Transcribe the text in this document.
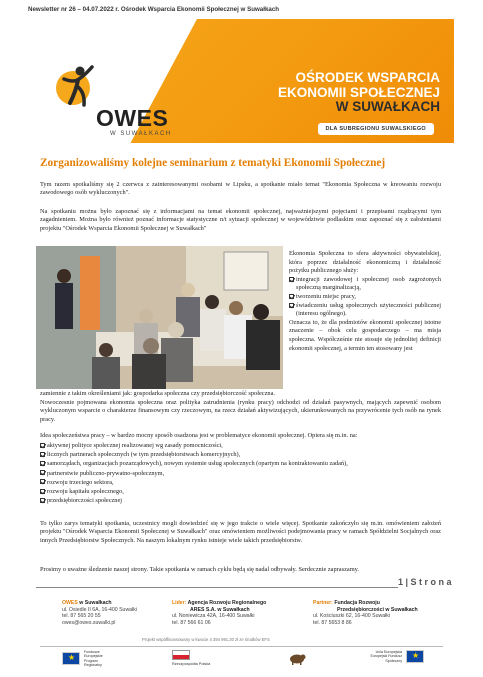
Newsletter nr 26 – 04.07.2022 r. Ośrodek Wsparcia Ekonomii Społecznej w Suwałkach
OWES
W SUWAŁKACH
OŚRODEK WSPARCIA
EKONOMII SPOŁECZNEJ
W SUWAŁKACH
DLA SUBREGIONU SUWALSKIEGO
Zorganizowaliśmy kolejne seminarium z tematyki Ekonomii Społecznej
Tym razem spotkaliśmy się 2 czerwca z zainteresowanymi osobami w Lipsku, a spotkanie miało temat "Ekonomia Społeczna w kreowaniu rozwoju zawodowego osób wykluczonych".
Na spotkaniu można było zapoznać się z informacjami na temat ekonomii społecznej, najważniejszymi pojęciami i przepisami rządzącymi tym zagadnieniem. Można było również poznać informacje statystyczne n/t sytuacji społecznej w województwie podlaskim oraz zapoznać się z założeniami projektu "Ośrodek Wsparcia Ekonomii Społecznej w Suwałkach"
Ekonomia Społeczna to sfera aktywności obywatelskiej, która poprzez działalność ekonomiczną i działalność pożytku publicznego służy:
integracji zawodowej i społecznej osob zagrożonych społeczną marginalizacją,
tworzeniu miejsc pracy,
świadczeniu usług społecznych użyteczności publicznej (interesu ogólnego).
Oznacza to, że dla podmiotów ekonomii społecznej istotne znaczenie – obok celu gospodarczego – ma misja społeczna. Współcześnie nie stosuje się jednolitej definicji ekonomii społecznej, a termin ten stosowany jest
zamiennie z takim określeniami jak: gospodarka społeczna czy przedsiębiorczość społeczna.
Nowoczesnie pojmowana ekonomia społeczna oraz polityka zatrudnienia (rynku pracy) odchodzi od działań pasywnych, mających zapewnić osobom wykluczonym wsparcie o charakterze finansowym czy rzeczowym, na rzecz działań aktywizujących, ukierunkowanych na przywrócenie tych osób na rynek pracy.
Idea społeczeństwa pracy – w bardzo mocny sposób osadzona jest w problematyce ekonomii społecznej. Opiera się m.in. na:
aktywnej polityce społecznej realizowanej wg zasady pomocniczości,
licznych partnerach społecznych (w tym przedsiębiorstwach komercyjnych),
samorządach, organizacjach pozarządowych), nowym systemie usług społecznych (opartym na kontraktowaniu zadań),
partnerstwie publiczno-prywatno-społecznym,
rozwoju trzeciego sektora,
rozwoju kapitału społecznego,
przedsiębiorczości społecznej
To tylko zarys tematyki spotkania, uczestnicy mogli dowiedzieć się w jego trakcie o wiele więcej. Spotkanie zakończyło się m.in. omówieniem założeń projektu "Ośrodek Wsparcia Ekonomii Społecznej w Suwałkach" oraz omówieniem możliwości podejmowania pracy w ramach Spółdzielni Socjalnych oraz innych Przedsiębiorstw Społecznych. Na naszym lokalnym rynku istnieje wiele takich przedsiębiorstw.
Prosimy o uważne śledzenie naszej strony. Takie spotkania w ramach cyklu będą się nadal odbywały. Serdecznie zapraszamy.
1 | S t r o n a
OWES w Suwałkach
ul. Osiedle II 6A, 16-400 Suwałki
tel. 87 565 20 55
owes@owes.suwalki.pl
Lider: Agencja Rozwoju Regionalnego
ARES S.A. w Suwałkach
ul. Noniewicza 42A, 16-400 Suwałki
tel. 87 566 61 06
Partner: Fundacja Rozwoju
Przedsiębiorczości w Suwałkach
ul. Kościuszki 62, 16-400 Suwałki
tel. 87 5653 8 86
Projekt współfinansowany w kwocie 4 394 991,30 zł ze środków EFS
★
Fundusze Europejskie Program Regionalny	Rzeczpospolita Polska
Unia Europejska Europejski Fundusz Społeczny
★
